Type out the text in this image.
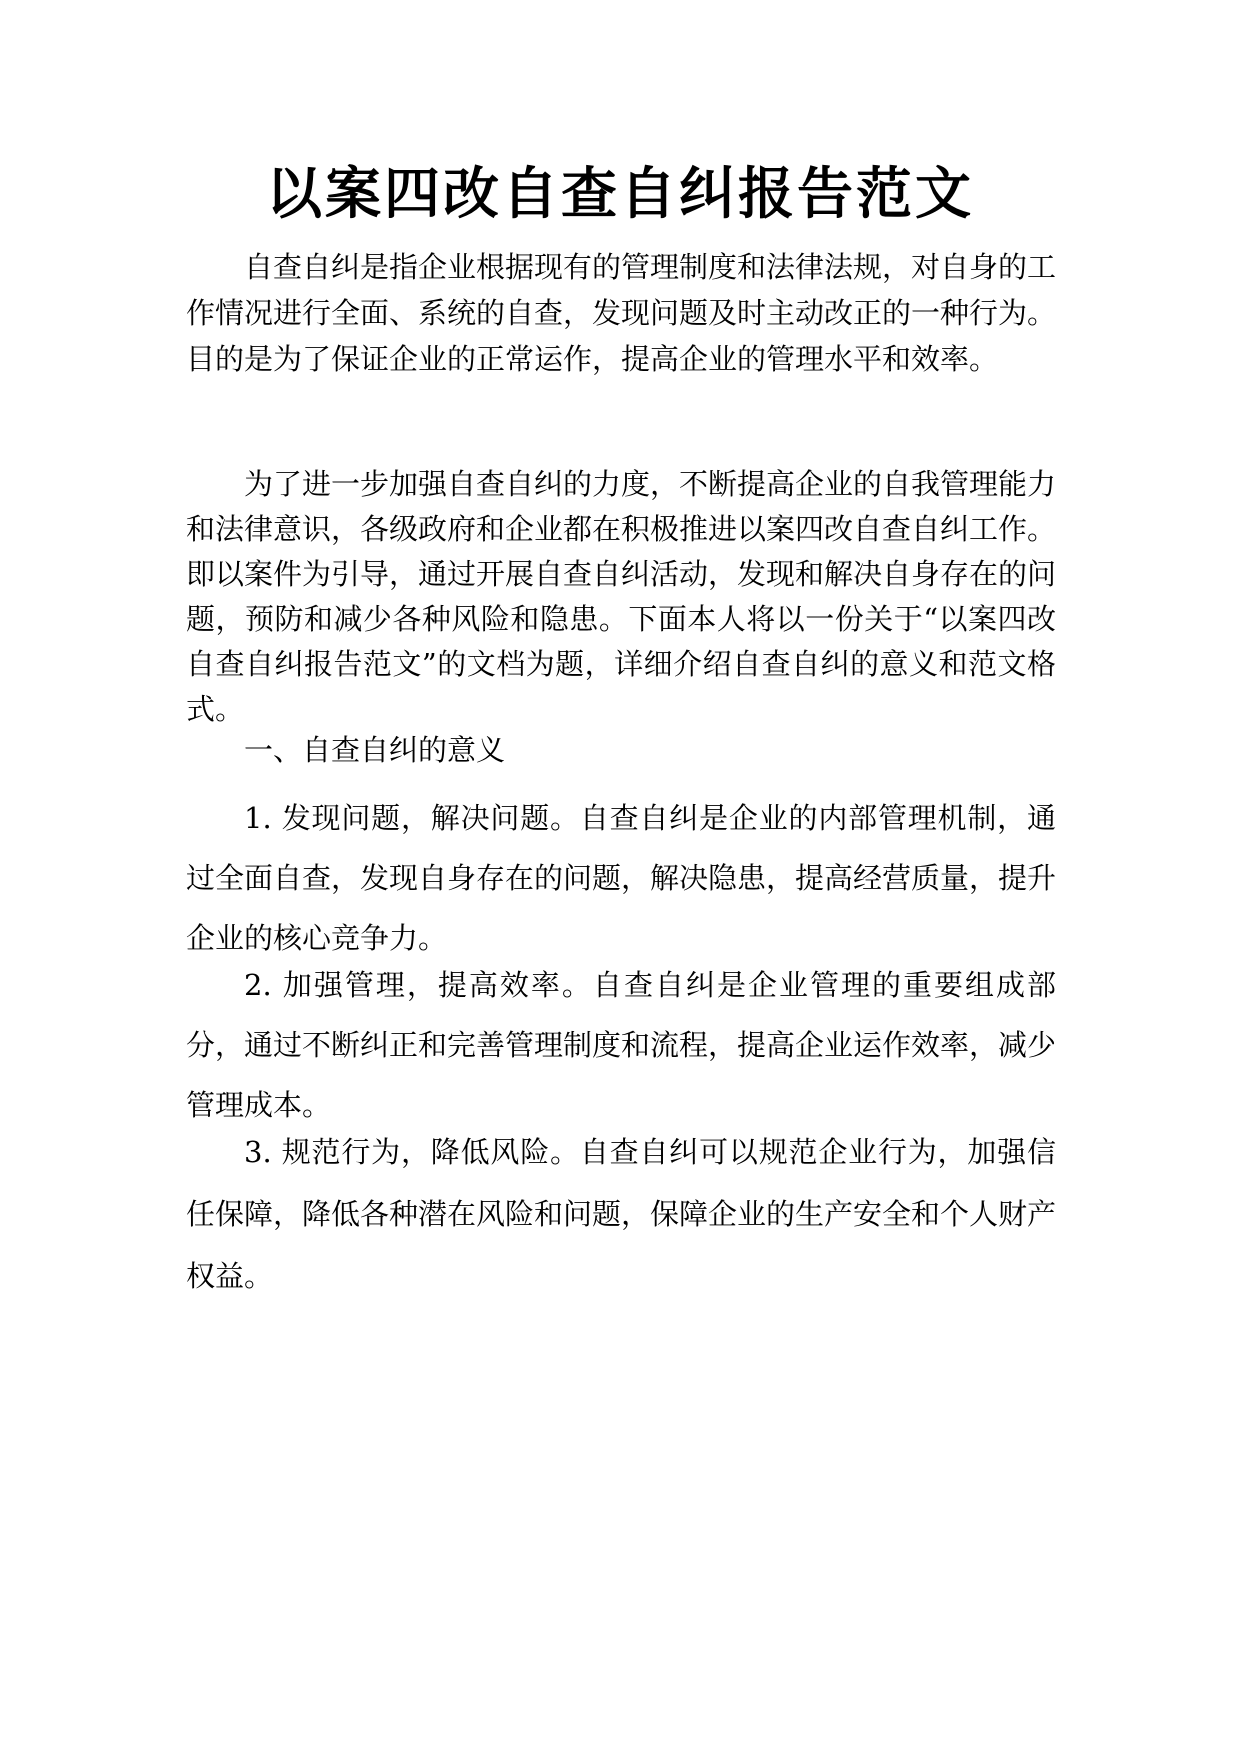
以案四改自查自纠报告范文

自查自纠是指企业根据现有的管理制度和法律法规，对自身的工作情况进行全面、系统的自查，发现问题及时主动改正的一种行为。目的是为了保证企业的正常运作，提高企业的管理水平和效率。

为了进一步加强自查自纠的力度，不断提高企业的自我管理能力和法律意识，各级政府和企业都在积极推进以案四改自查自纠工作。即以案件为引导，通过开展自查自纠活动，发现和解决自身存在的问题，预防和减少各种风险和隐患。下面本人将以一份关于“以案四改自查自纠报告范文”的文档为题，详细介绍自查自纠的意义和范文格式。

一、自查自纠的意义

1. 发现问题，解决问题。自查自纠是企业的内部管理机制，通过全面自查，发现自身存在的问题，解决隐患，提高经营质量，提升企业的核心竞争力。

2. 加强管理，提高效率。自查自纠是企业管理的重要组成部分，通过不断纠正和完善管理制度和流程，提高企业运作效率，减少管理成本。

3. 规范行为，降低风险。自查自纠可以规范企业行为，加强信任保障，降低各种潜在风险和问题，保障企业的生产安全和个人财产权益。
